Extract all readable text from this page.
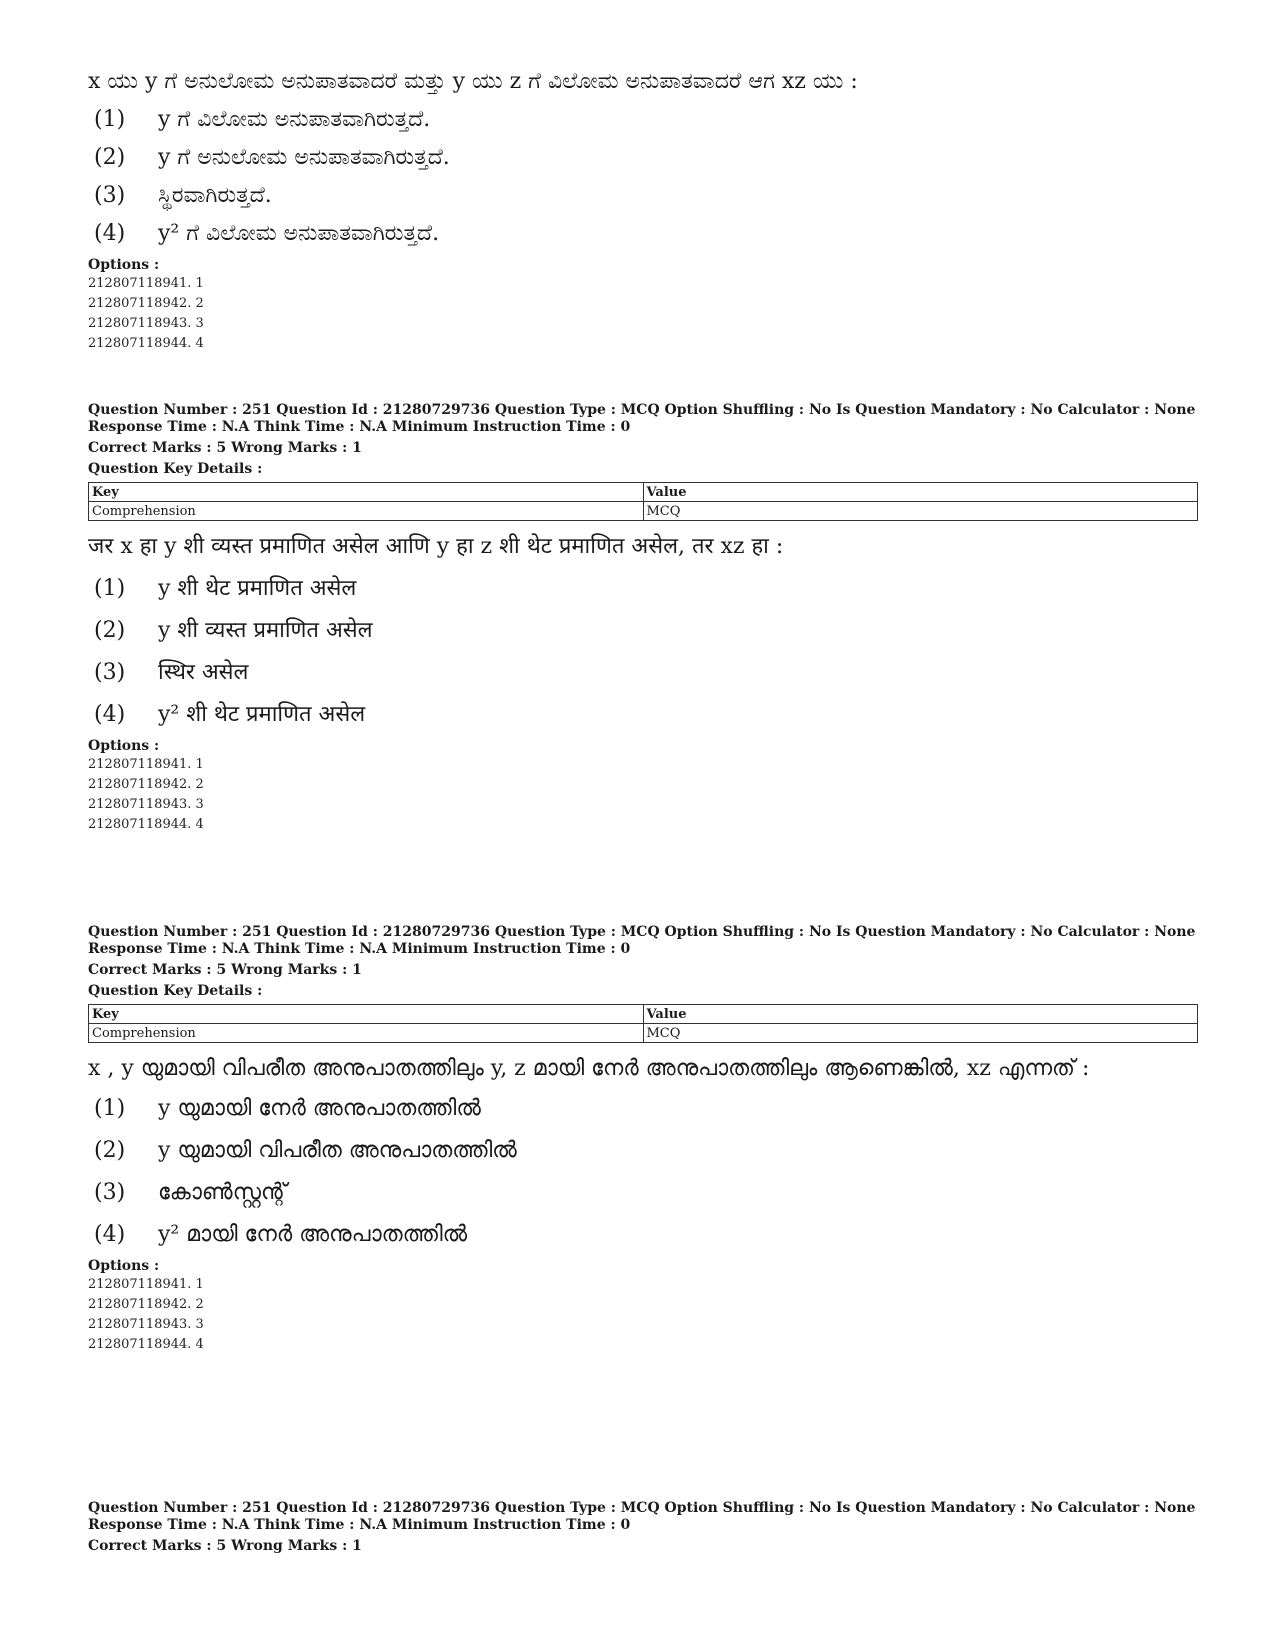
x ಯು y ಗೆ ಅನುಲೋಮ ಅನುಪಾತವಾದರೆ ಮತ್ತು y ಯು z ಗೆ ವಿಲೋಮ ಅನುಪಾತವಾದರೆ ಆಗ xz ಯು :
(1)	y ಗೆ ವಿಲೋಮ ಅನುಪಾತವಾಗಿರುತ್ತದೆ.
(2)	y ಗೆ ಅನುಲೋಮ ಅನುಪಾತವಾಗಿರುತ್ತದೆ.
(3)	ಸ್ಥಿರವಾಗಿರುತ್ತದೆ.
(4)	y² ಗೆ ವಿಲೋಮ ಅನುಪಾತವಾಗಿರುತ್ತದೆ.
Options :
212807118941. 1
212807118942. 2
212807118943. 3
212807118944. 4
Question Number : 251 Question Id : 21280729736 Question Type : MCQ Option Shuffling : No Is Question Mandatory : No Calculator : None
Response Time : N.A Think Time : N.A Minimum Instruction Time : 0
Correct Marks : 5 Wrong Marks : 1
Question Key Details :
Key	Value
Comprehension	MCQ
जर x हा y शी व्यस्त प्रमाणित असेल आणि y हा z शी थेट प्रमाणित असेल, तर xz हा :
(1)	y शी थेट प्रमाणित असेल
(2)	y शी व्यस्त प्रमाणित असेल
(3)	स्थिर असेल
(4)	y² शी थेट प्रमाणित असेल
Options :
212807118941. 1
212807118942. 2
212807118943. 3
212807118944. 4
Question Number : 251 Question Id : 21280729736 Question Type : MCQ Option Shuffling : No Is Question Mandatory : No Calculator : None
Response Time : N.A Think Time : N.A Minimum Instruction Time : 0
Correct Marks : 5 Wrong Marks : 1
Question Key Details :
Key	Value
Comprehension	MCQ
x , y യുമായി വിപരീത അനുപാതത്തിലും y, z മായി നേർ അനുപാതത്തിലും ആണെങ്കിൽ, xz എന്നത് :
(1)	y യുമായി നേർ അനുപാതത്തിൽ
(2)	y യുമായി വിപരീത അനുപാതത്തിൽ
(3)	കോൺസ്റ്റന്റ്
(4)	y² മായി നേർ അനുപാതത്തിൽ
Options :
212807118941. 1
212807118942. 2
212807118943. 3
212807118944. 4
Question Number : 251 Question Id : 21280729736 Question Type : MCQ Option Shuffling : No Is Question Mandatory : No Calculator : None
Response Time : N.A Think Time : N.A Minimum Instruction Time : 0
Correct Marks : 5 Wrong Marks : 1
